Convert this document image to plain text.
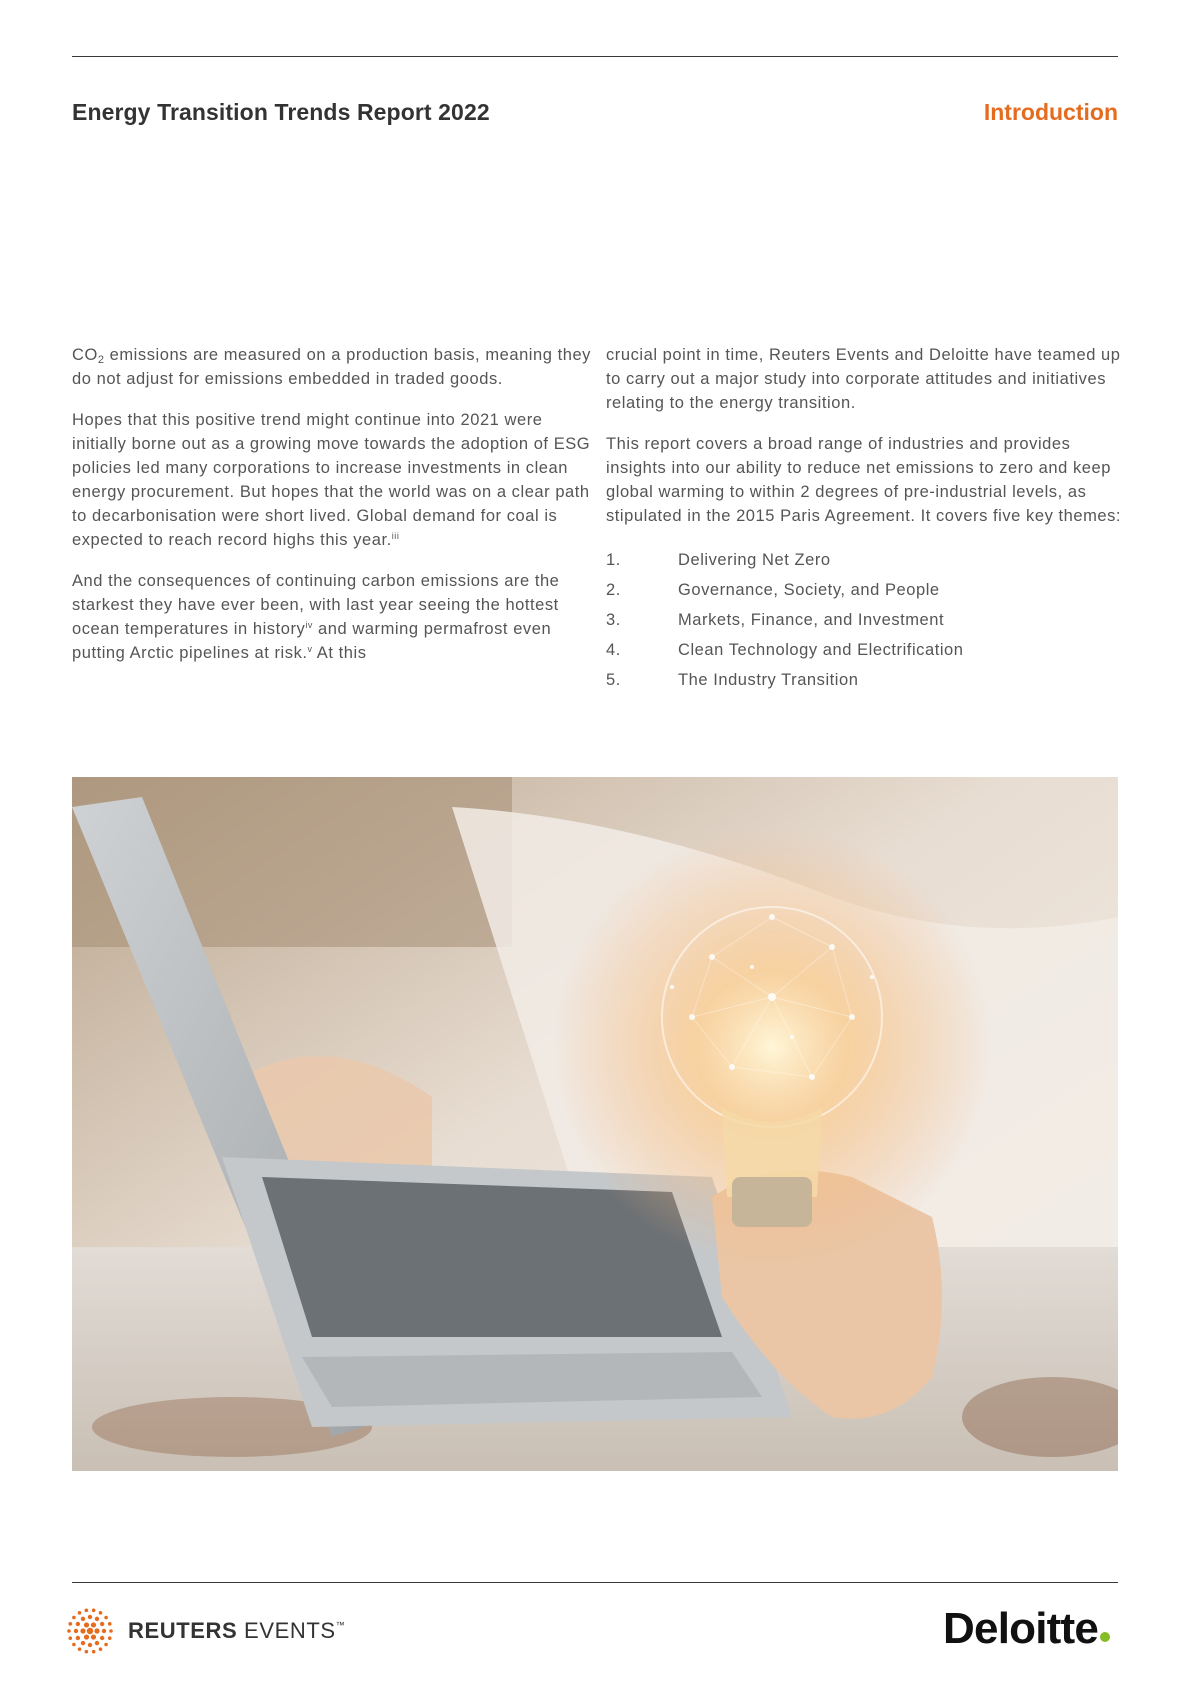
Energy Transition Trends Report 2022	Introduction

$CO_2$ emissions are measured on a production basis, meaning they do not adjust for emissions embedded in traded goods.

Hopes that this positive trend might continue into 2021 were initially borne out as a growing move towards the adoption of ESG policies led many corporations to increase investments in clean energy procurement. But hopes that the world was on a clear path to decarbonisation were short lived. Global demand for coal is expected to reach record highs this year.$^{iii}$

And the consequences of continuing carbon emissions are the starkest they have ever been, with last year seeing the hottest ocean temperatures in history$^{iv}$ and warming permafrost even putting Arctic pipelines at risk.$^v$ At this

crucial point in time, Reuters Events and Deloitte have teamed up to carry out a major study into corporate attitudes and initiatives relating to the energy transition.

This report covers a broad range of industries and provides insights into our ability to reduce net emissions to zero and keep global warming to within 2 degrees of pre-industrial levels, as stipulated in the 2015 Paris Agreement. It covers five key themes:

1.	Delivering Net Zero
2.	Governance, Society, and People
3.	Markets, Finance, and Investment
4.	Clean Technology and Electrification
5.	The Industry Transition
REUTERS EVENTS™	Deloitte
